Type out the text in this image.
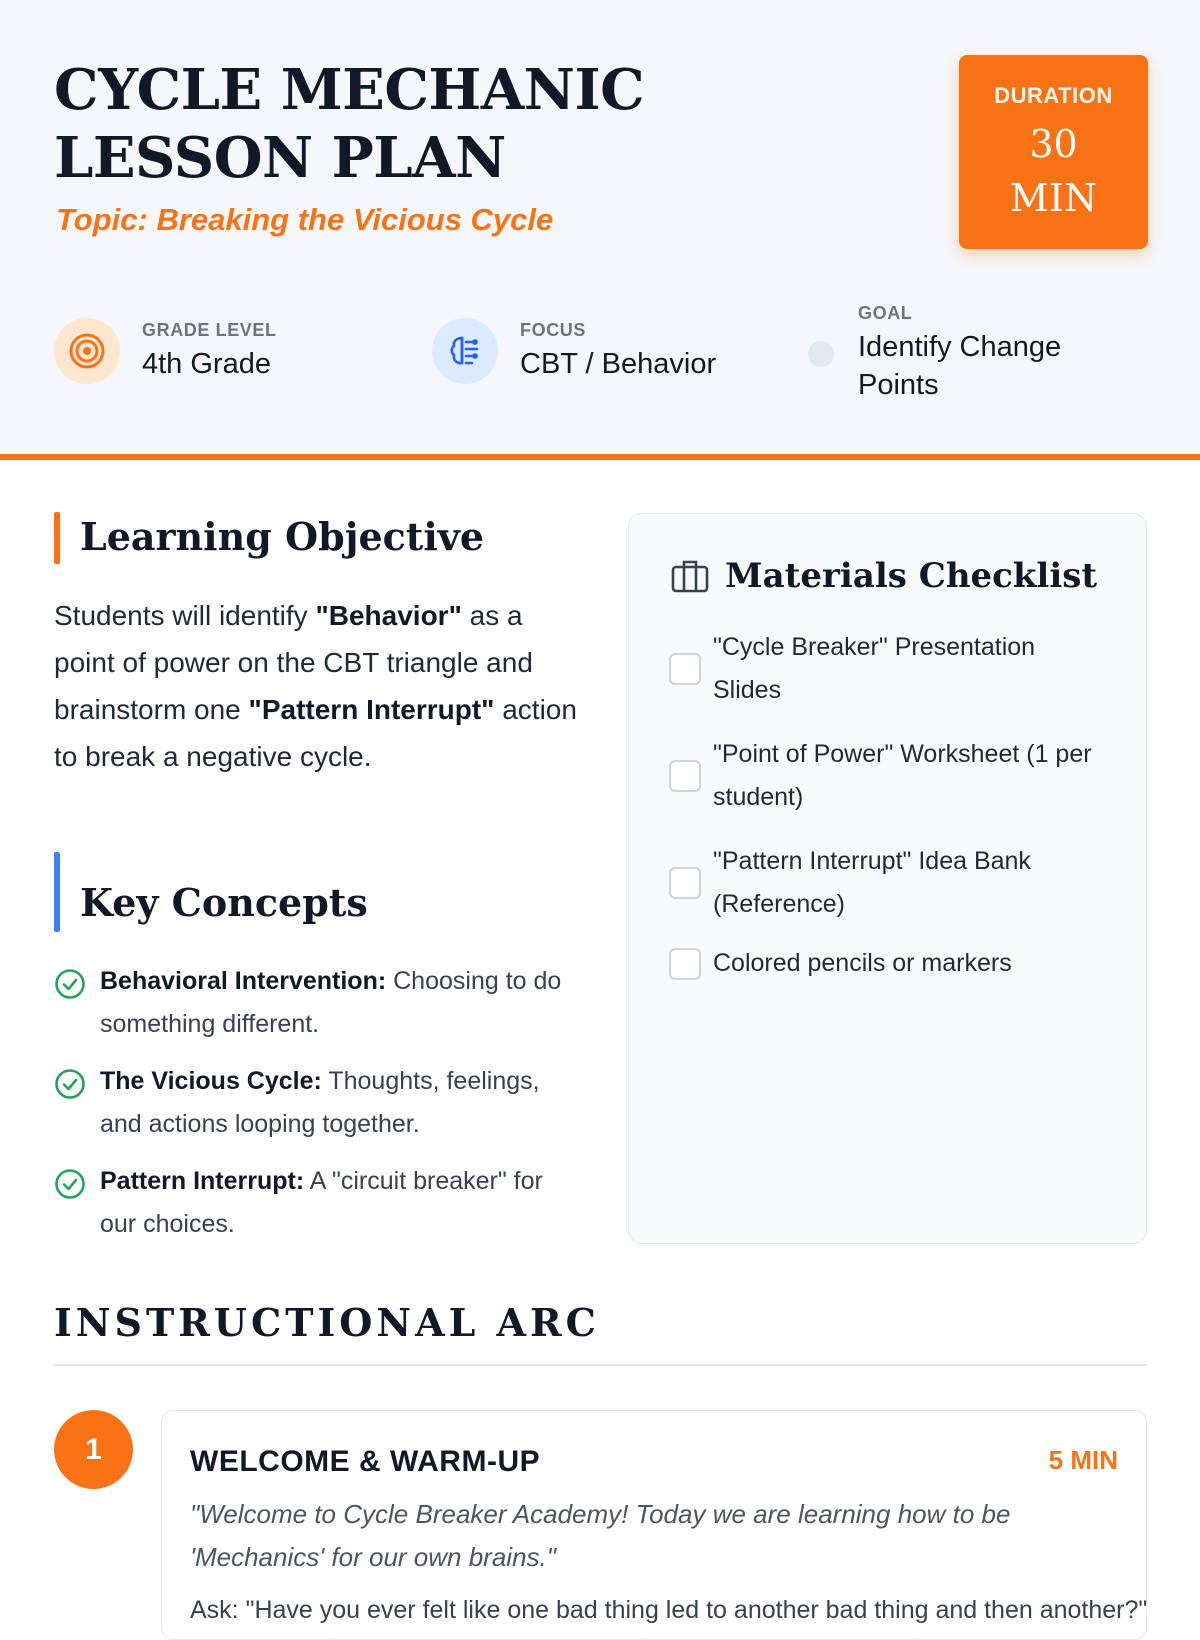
CYCLE MECHANIC LESSON PLAN
Topic: Breaking the Vicious Cycle
DURATION
30 MIN
GRADE LEVEL
4th Grade
FOCUS
CBT / Behavior
GOAL
Identify Change Points
Learning Objective

Students will identify "Behavior" as a point of power on the CBT triangle and brainstorm one "Pattern Interrupt" action to break a negative cycle.

Key Concepts
Behavioral Intervention: Choosing to do something different.
The Vicious Cycle: Thoughts, feelings, and actions looping together.
Pattern Interrupt: A "circuit breaker" for our choices.
Materials Checklist
"Cycle Breaker" Presentation Slides
"Point of Power" Worksheet (1 per student)
"Pattern Interrupt" Idea Bank (Reference)
Colored pencils or markers
INSTRUCTIONAL ARC
1	WELCOME & WARM-UP	5 MIN
"Welcome to Cycle Breaker Academy! Today we are learning how to be 'Mechanics' for our own brains."
Ask: "Have you ever felt like one bad thing led to another bad thing and then another?"
